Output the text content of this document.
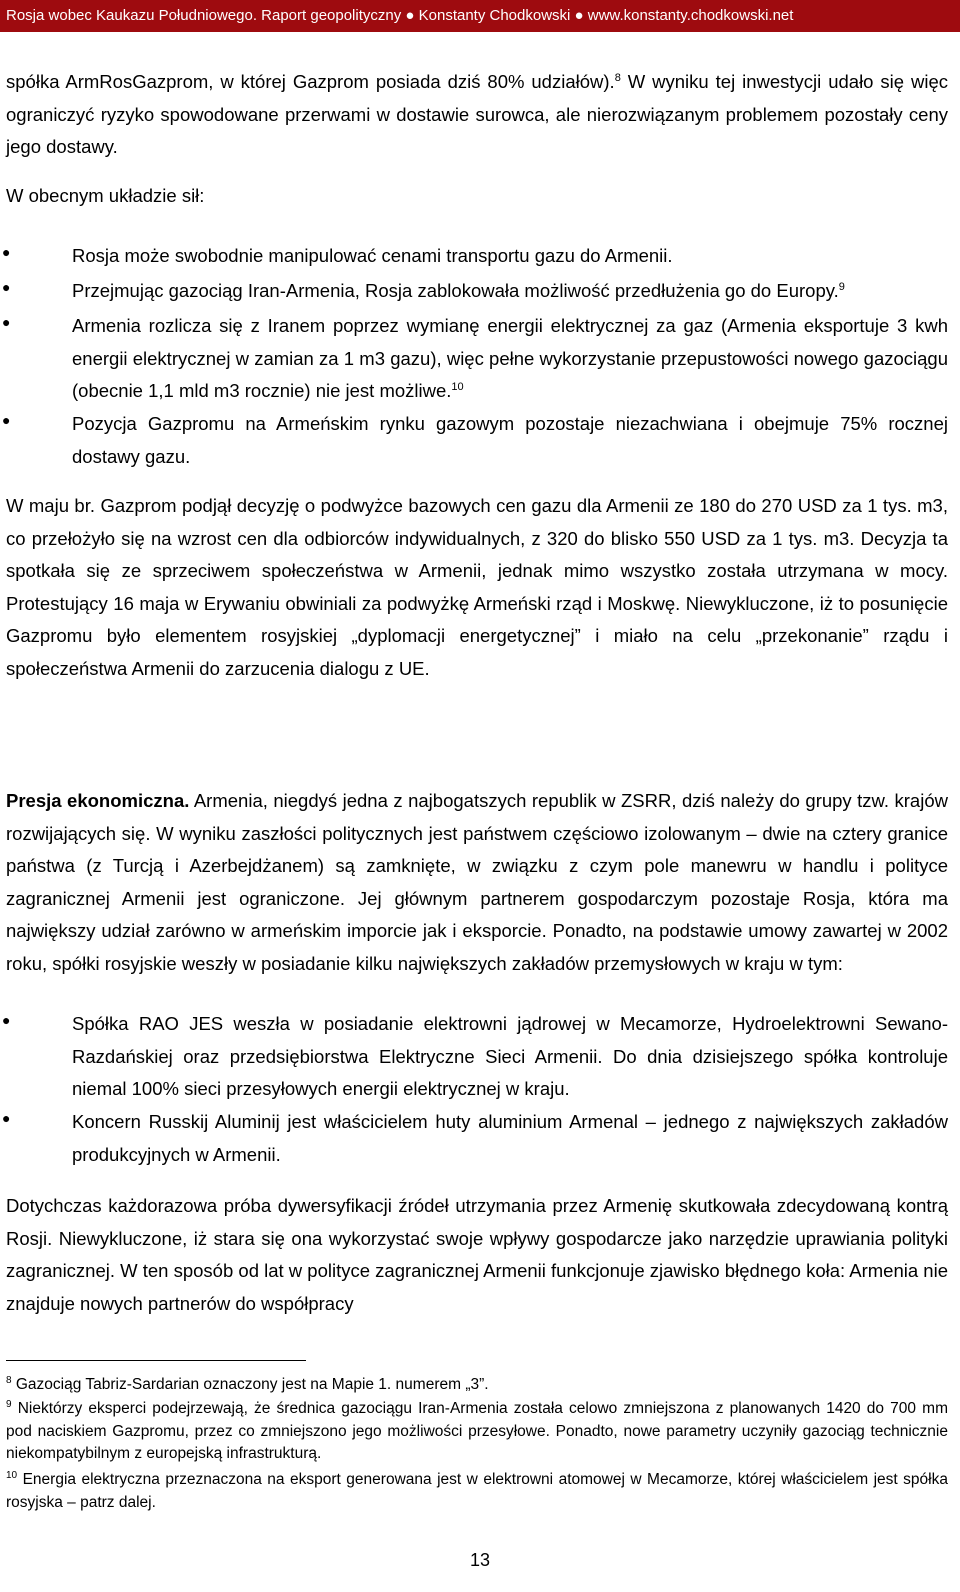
Rosja wobec Kaukazu Południowego. Raport geopolityczny ● Konstanty Chodkowski ● www.konstanty.chodkowski.net
spółka ArmRosGazprom, w której Gazprom posiada dziś 80% udziałów).$^8$ W wyniku tej inwestycji udało się więc ograniczyć ryzyko spowodowane przerwami w dostawie surowca, ale nierozwiązanym problemem pozostały ceny jego dostawy.
W obecnym układzie sił:
●	Rosja może swobodnie manipulować cenami transportu gazu do Armenii.
●	Przejmując gazociąg Iran-Armenia, Rosja zablokowała możliwość przedłużenia go do Europy.$^9$
●	Armenia rozlicza się z Iranem poprzez wymianę energii elektrycznej za gaz (Armenia eksportuje 3 kwh energii elektrycznej w zamian za 1 m3 gazu), więc pełne wykorzystanie przepustowości nowego gazociągu (obecnie 1,1 mld m3 rocznie) nie jest możliwe.$^{10}$
●	Pozycja Gazpromu na Armeńskim rynku gazowym pozostaje niezachwiana i obejmuje 75% rocznej dostawy gazu.
W maju br. Gazprom podjął decyzję o podwyżce bazowych cen gazu dla Armenii ze 180 do 270 USD za 1 tys. m3, co przełożyło się na wzrost cen dla odbiorców indywidualnych, z 320 do blisko 550 USD za 1 tys. m3. Decyzja ta spotkała się ze sprzeciwem społeczeństwa w Armenii, jednak mimo wszystko została utrzymana w mocy. Protestujący 16 maja w Erywaniu obwiniali za podwyżkę Armeński rząd i Moskwę. Niewykluczone, iż to posunięcie Gazpromu było elementem rosyjskiej „dyplomacji energetycznej” i miało na celu „przekonanie” rządu i społeczeństwa Armenii do zarzucenia dialogu z UE.
Presja ekonomiczna. Armenia, niegdyś jedna z najbogatszych republik w ZSRR, dziś należy do grupy tzw. krajów rozwijających się. W wyniku zaszłości politycznych jest państwem częściowo izolowanym – dwie na cztery granice państwa (z Turcją i Azerbejdżanem) są zamknięte, w związku z czym pole manewru w handlu i polityce zagranicznej Armenii jest ograniczone. Jej głównym partnerem gospodarczym pozostaje Rosja, która ma największy udział zarówno w armeńskim imporcie jak i eksporcie. Ponadto, na podstawie umowy zawartej w 2002 roku, spółki rosyjskie weszły w posiadanie kilku największych zakładów przemysłowych w kraju w tym:
●	Spółka RAO JES weszła w posiadanie elektrowni jądrowej w Mecamorze, Hydroelektrowni Sewano-Razdańskiej oraz przedsiębiorstwa Elektryczne Sieci Armenii. Do dnia dzisiejszego spółka kontroluje niemal 100% sieci przesyłowych energii elektrycznej w kraju.
●	Koncern Russkij Aluminij jest właścicielem huty aluminium Armenal – jednego z największych zakładów produkcyjnych w Armenii.
Dotychczas każdorazowa próba dywersyfikacji źródeł utrzymania przez Armenię skutkowała zdecydowaną kontrą Rosji. Niewykluczone, iż stara się ona wykorzystać swoje wpływy gospodarcze jako narzędzie uprawiania polityki zagranicznej. W ten sposób od lat w polityce zagranicznej Armenii funkcjonuje zjawisko błędnego koła: Armenia nie znajduje nowych partnerów do współpracy
$^8$ Gazociąg Tabriz-Sardarian oznaczony jest na Mapie 1. numerem „3”.
$^9$ Niektórzy eksperci podejrzewają, że średnica gazociągu Iran-Armenia została celowo zmniejszona z planowanych 1420 do 700 mm pod naciskiem Gazpromu, przez co zmniejszono jego możliwości przesyłowe. Ponadto, nowe parametry uczyniły gazociąg technicznie niekompatybilnym z europejską infrastrukturą.
$^{10}$ Energia elektryczna przeznaczona na eksport generowana jest w elektrowni atomowej w Mecamorze, której właścicielem jest spółka rosyjska – patrz dalej.
13
